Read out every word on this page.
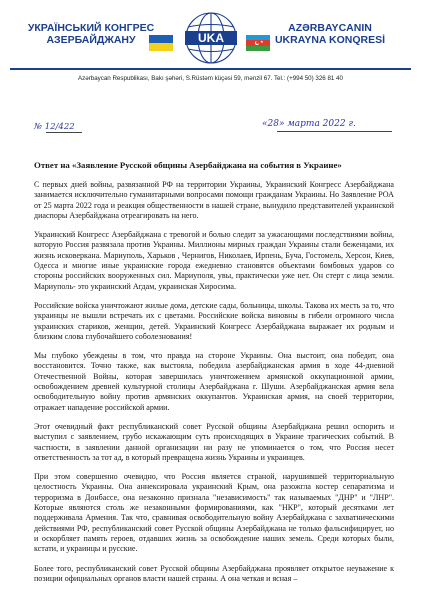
УКРАЇНСЬКИЙ КОНГРЕС
АЗЕРБАЙДЖАНУ	UKA	★
AZƏRBAYCANIN
UKRAYNA KONQRESİ
Azərbaycan Respublikası, Bakı şəhəri, S.Rüstəm küçəsi 59, mənzil 67. Tel.: (+994 50) 326 81 40
№ 12/422	«28» марта 2022 г.
Ответ на «Заявление Русской общины Азербайджана на события в Украине»

С первых дней войны, развязанной РФ на территории Украины, Украинский Конгресс Азербайджана занимается исключительно гуманитарными вопросами помощи гражданам Украины. Но Заявление РОА от 25 марта 2022 года и реакция общественности в нашей стране, вынудило представителей украинской диаспоры Азербайджана отреагировать на него.

Украинский Конгресс Азербайджана с тревогой и болью следит за ужасающими последствиями войны, которую Россия развязала против Украины. Миллионы мирных граждан Украины стали беженцами, их жизнь исковеркана. Мариуполь, Харьков , Чернигов, Николаев, Ирпень, Буча, Гостомель, Херсон, Киев, Одесса и многие иные украинские города ежедневно становятся объектами бомбовых ударов со стороны российских вооруженных сил. Мариуполя, увы, практически уже нет. Он стерт с лица земли. Мариуполь- это украинский Агдам, украинская Хиросима.

Российские войска уничтожают жилые дома, детские сады, больницы, школы. Такова их месть за то, что украинцы не вышли встречать их с цветами. Российские войска виновны в гибели огромного числа украинских стариков, женщин, детей. Украинский Конгресс Азербайджана выражает их родным и близким слова глубочайшего соболезнования!

Мы глубоко убеждены в том, что правда на стороне Украины. Она выстоит, она победит, она восстановится. Точно также, как выстояла, победила азербайджанская армия в ходе 44-дневной Отечественной Войны, которая завершилась уничтожением армянской оккупационной армии, освобождением древней культурной столицы Азербайджана г. Шуши. Азербайджанская армия вела освободительную войну против армянских оккупантов. Украинская армия, на своей территории, отражает нападение российской армии.

Этот очевидный факт республиканский совет Русской общины Азербайджана решил оспорить и выступил с заявлением, грубо искажающим суть происходящих в Украине трагических событий. В частности, в заявлении данной организации ни разу не упоминается о том, что Россия несет ответственность за тот ад, в который превращена жизнь Украины и украинцев.

При этом совершенно очевидно, что Россия является страной, нарушившей территориальную целостность Украины. Она аннексировала украинский Крым, она разожгла костер сепаратизма и терроризма в Донбассе, она незаконно признала "независимость" так называемых "ДНР" и "ЛНР". Которые являются столь же незаконными формированиями, как "НКР", который десятками лет поддерживала Армения. Так что, сравнивая освободительную войну Азербайджана с захватническими действиями РФ, республиканский совет Русской общины Азербайджана не только фальсифицирует, но и оскорбляет память героев, отдавших жизнь за освобождение наших земель. Среди которых были, кстати, и украинцы и русские.

Более того, республиканский совет Русской общины Азербайджана проявляет открытое неуважение к позиции официальных органов власти нашей страны. А она четкая и ясная –
